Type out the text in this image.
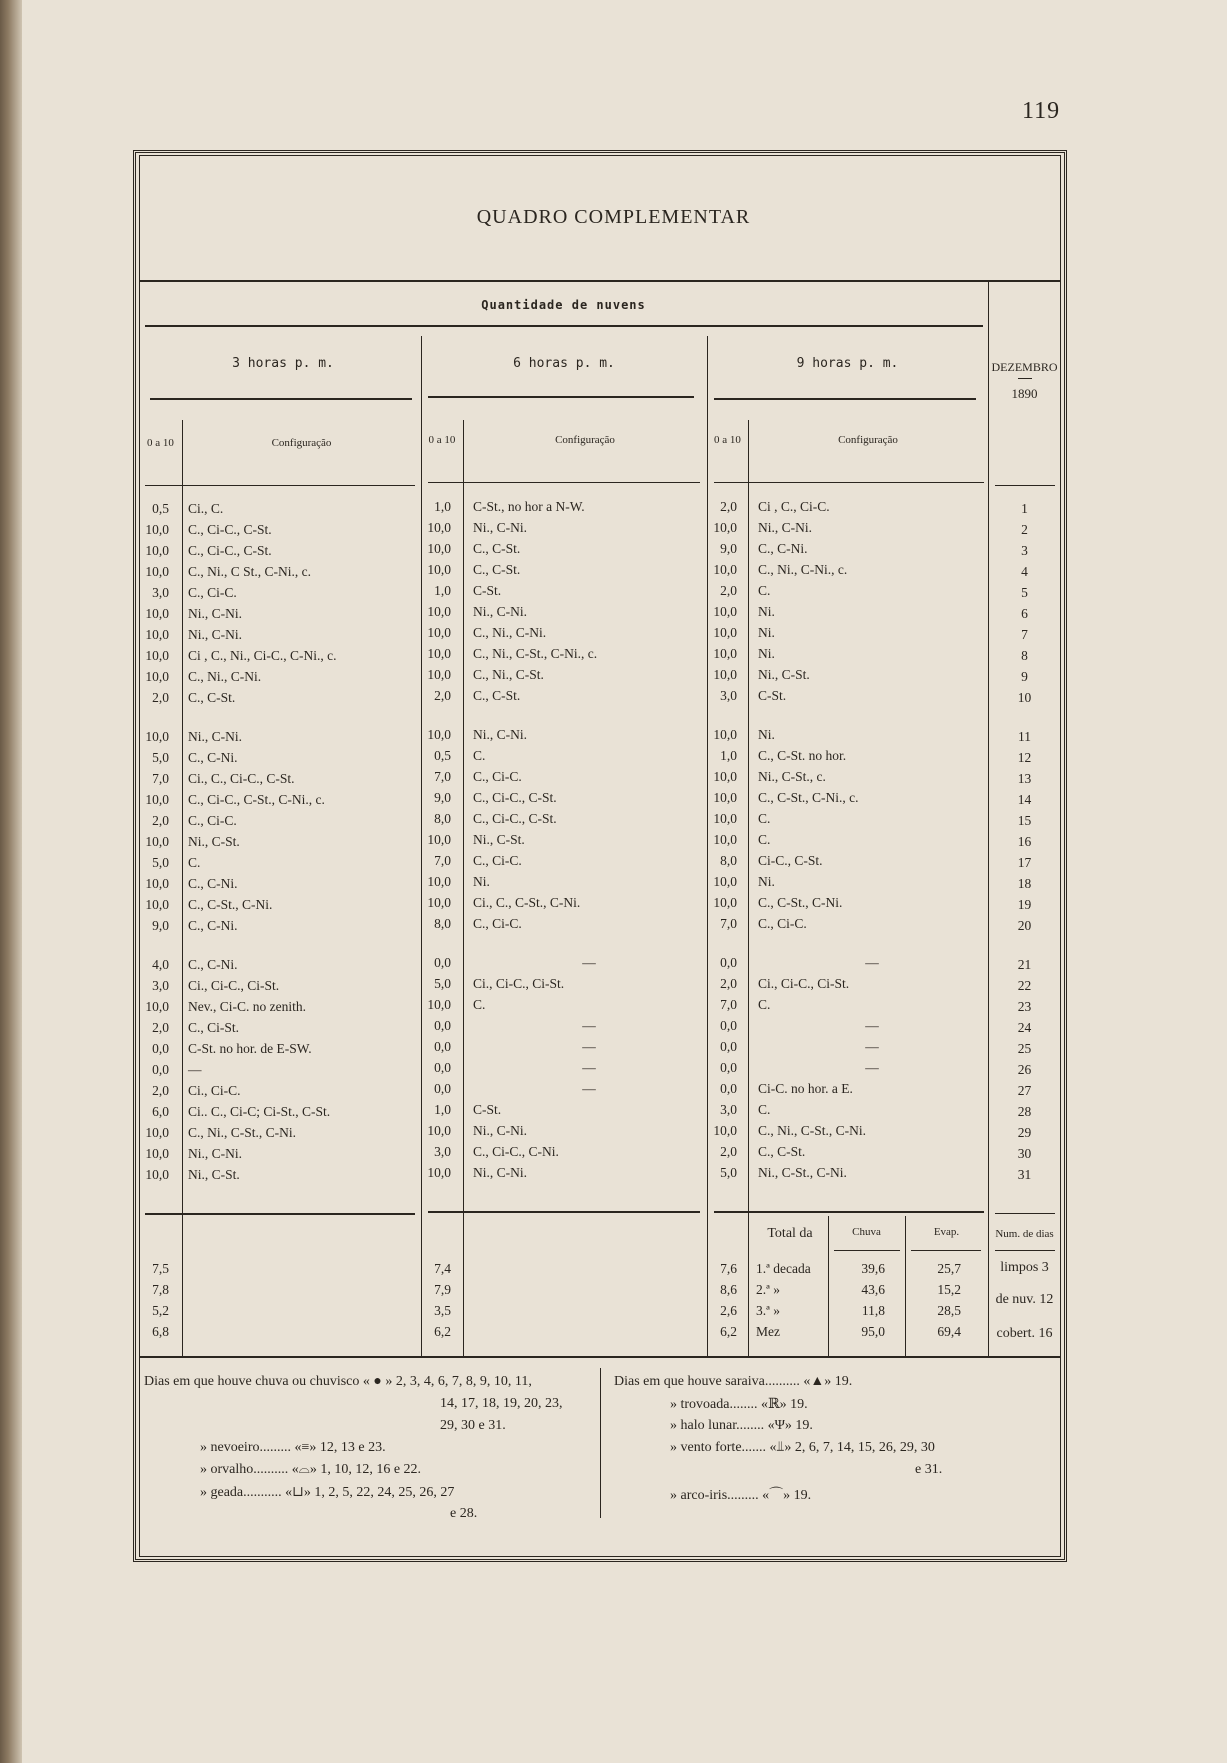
119
QUADRO COMPLEMENTAR
Quantidade de nuvens
3 horas p. m.	6 horas p. m.	9 horas p. m.	DEZEMBRO
1890
0 a 10	Configuração	0 a 10	Configuração	0 a 10	Configuração
0,5 Ci., C.	1,0 C-St., no hor a N-W.	2,0 Ci , C., Ci-C.	1
10,0 C., Ci-C., C-St.	10,0 Ni., C-Ni.	10,0 Ni., C-Ni.	2
10,0 C., Ci-C., C-St.	10,0 C., C-St.	9,0 C., C-Ni.	3
10,0 C., Ni., C St., C-Ni., c.	10,0 C., C-St.	10,0 C., Ni., C-Ni., c.	4
3,0 C., Ci-C.	1,0 C-St.	2,0 C.	5
10,0 Ni., C-Ni.	10,0 Ni., C-Ni.	10,0 Ni.	6
10,0 Ni., C-Ni.	10,0 C., Ni., C-Ni.	10,0 Ni.	7
10,0 Ci , C., Ni., Ci-C., C-Ni., c.	10,0 C., Ni., C-St., C-Ni., c.	10,0 Ni.	8
10,0 C., Ni., C-Ni.	10,0 C., Ni., C-St.	10,0 Ni., C-St.	9
2,0 C., C-St.	2,0 C., C-St.	3,0 C-St.	10
10,0 Ni., C-Ni.	10,0 Ni., C-Ni.	10,0 Ni.	11
5,0 C., C-Ni.	0,5 C.	1,0 C., C-St. no hor.	12
7,0 Ci., C., Ci-C., C-St.	7,0 C., Ci-C.	10,0 Ni., C-St., c.	13
10,0 C., Ci-C., C-St., C-Ni., c.	9,0 C., Ci-C., C-St.	10,0 C., C-St., C-Ni., c.	14
2,0 C., Ci-C.	8,0 C., Ci-C., C-St.	10,0 C.	15
10,0 Ni., C-St.	10,0 Ni., C-St.	10,0 C.	16
5,0 C.	7,0 C., Ci-C.	8,0 Ci-C., C-St.	17
10,0 C., C-Ni.	10,0 Ni.	10,0 Ni.	18
10,0 C., C-St., C-Ni.	10,0 Ci., C., C-St., C-Ni.	10,0 C., C-St., C-Ni.	19
9,0 C., C-Ni.	8,0 C., Ci-C.	7,0 C., Ci-C.	20
4,0 C., C-Ni.	0,0	—	0,0	—	21
3,0 Ci., Ci-C., Ci-St.	5,0 Ci., Ci-C., Ci-St.	2,0 Ci., Ci-C., Ci-St.	22
10,0 Nev., Ci-C. no zenith.	10,0 C.	7,0 C.	23
2,0 C., Ci-St.	0,0	—	0,0	—	24
0,0 C-St. no hor. de E-SW.	0,0	—	0,0	—	25
0,0 —	0,0	—	0,0	—	26
2,0 Ci., Ci-C.	0,0	—	0,0 Ci-C. no hor. a E.	27
6,0 Ci.. C., Ci-C; Ci-St., C-St.	1,0 C-St.	3,0 C.	28
10,0 C., Ni., C-St., C-Ni.	10,0 Ni., C-Ni.	10,0 C., Ni., C-St., C-Ni.	29
10,0 Ni., C-Ni.	3,0 C., Ci-C., C-Ni.	2,0 C., C-St.	30
10,0 Ni., C-St.	10,0 Ni., C-Ni.	5,0 Ni., C-St., C-Ni.	31
Total da	Chuva	Evap.	Num. de dias
7,5	7,4	7,6 1.ª decada	39,6	25,7
7,8	7,9	8,6 2.ª »	43,6	15,2
5,2	3,5	2,6 3.ª »	11,8	28,5
6,8	6,2	6,2 Mez	95,0	69,4
limpos 3
de nuv. 12
cobert. 16
Dias em que houve chuva ou chuvisco « ● » 2, 3, 4, 6, 7, 8, 9, 10, 11,
14, 17, 18, 19, 20, 23,
29, 30 e 31.
» nevoeiro......... «≡» 12, 13 e 23.
» orvalho.......... «⌓» 1, 10, 12, 16 e 22.
» geada........... «⊔» 1, 2, 5, 22, 24, 25, 26, 27
e 28.
Dias em que houve saraiva.......... «▲» 19.
» trovoada........ «ℝ» 19.
» halo lunar........ «Ψ» 19.
» vento forte....... «⫫» 2, 6, 7, 14, 15, 26, 29, 30
e 31.
» arco-iris......... «⌒» 19.
